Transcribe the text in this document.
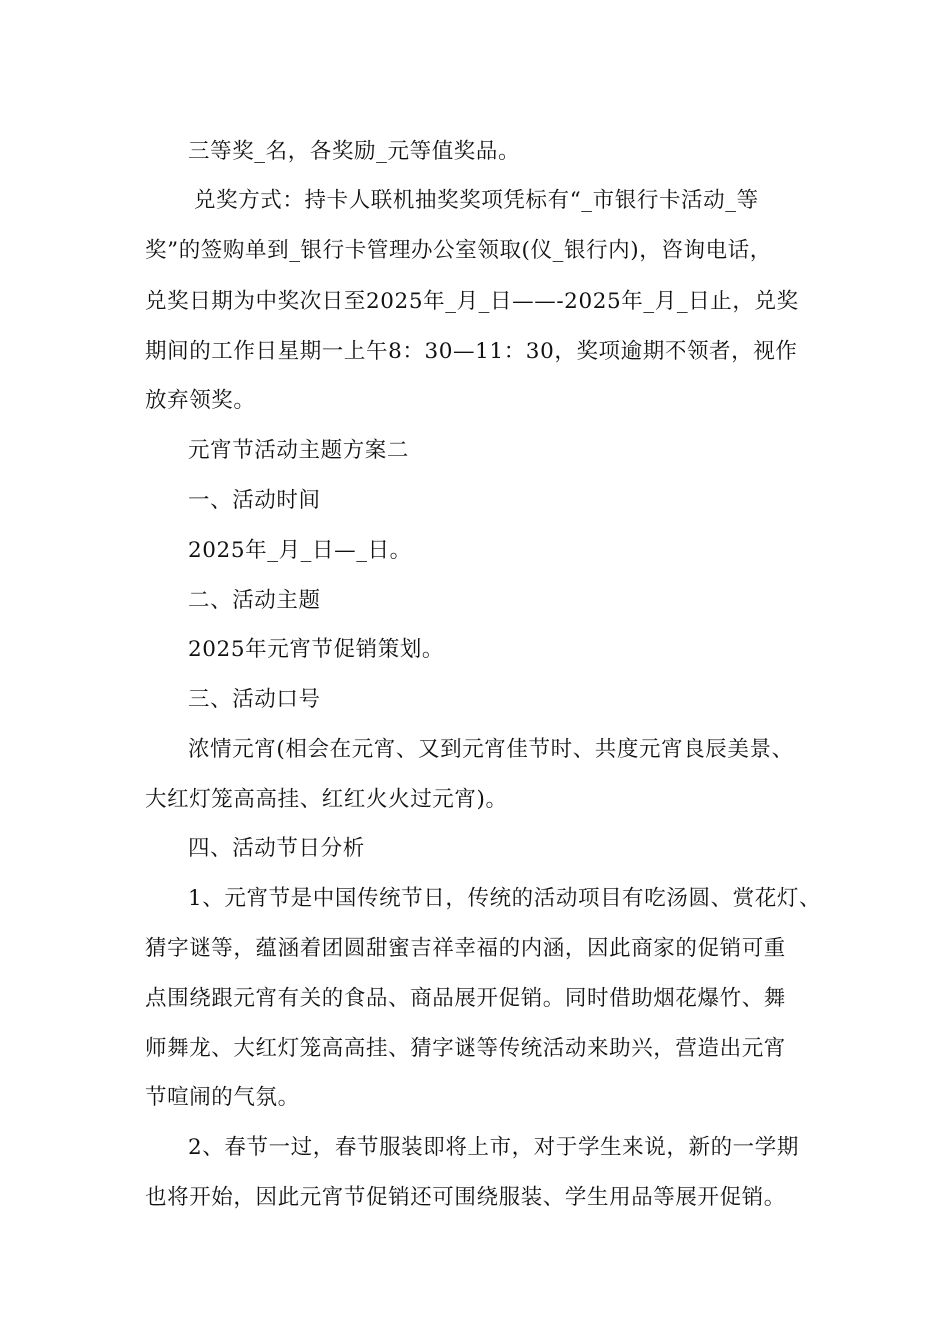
三等奖_名，各奖励_元等值奖品。
兑奖方式：持卡人联机抽奖奖项凭标有“_市银行卡活动_等
奖”的签购单到_银行卡管理办公室领取(仪_银行内)，咨询电话，
兑奖日期为中奖次日至2025年_月_日——-2025年_月_日止，兑奖
期间的工作日星期一上午8：30—11：30，奖项逾期不领者，视作
放弃领奖。
元宵节活动主题方案二
一、活动时间
2025年_月_日—_日。
二、活动主题
2025年元宵节促销策划。
三、活动口号
浓情元宵(相会在元宵、又到元宵佳节时、共度元宵良辰美景、
大红灯笼高高挂、红红火火过元宵)。
四、活动节日分析
1、元宵节是中国传统节日，传统的活动项目有吃汤圆、赏花灯、
猜字谜等，蕴涵着团圆甜蜜吉祥幸福的内涵，因此商家的促销可重
点围绕跟元宵有关的食品、商品展开促销。同时借助烟花爆竹、舞
师舞龙、大红灯笼高高挂、猜字谜等传统活动来助兴，营造出元宵
节喧闹的气氛。
2、春节一过，春节服装即将上市，对于学生来说，新的一学期
也将开始，因此元宵节促销还可围绕服装、学生用品等展开促销。
